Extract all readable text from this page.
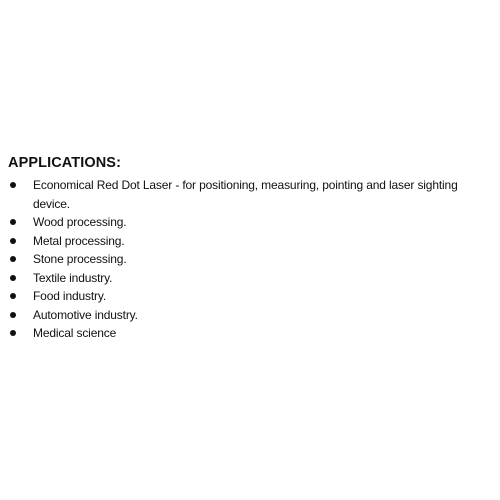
APPLICATIONS:
Economical Red Dot Laser - for positioning, measuring, pointing and laser sighting device.
Wood processing.
Metal processing.
Stone processing.
Textile industry.
Food industry.
Automotive industry.
Medical science
